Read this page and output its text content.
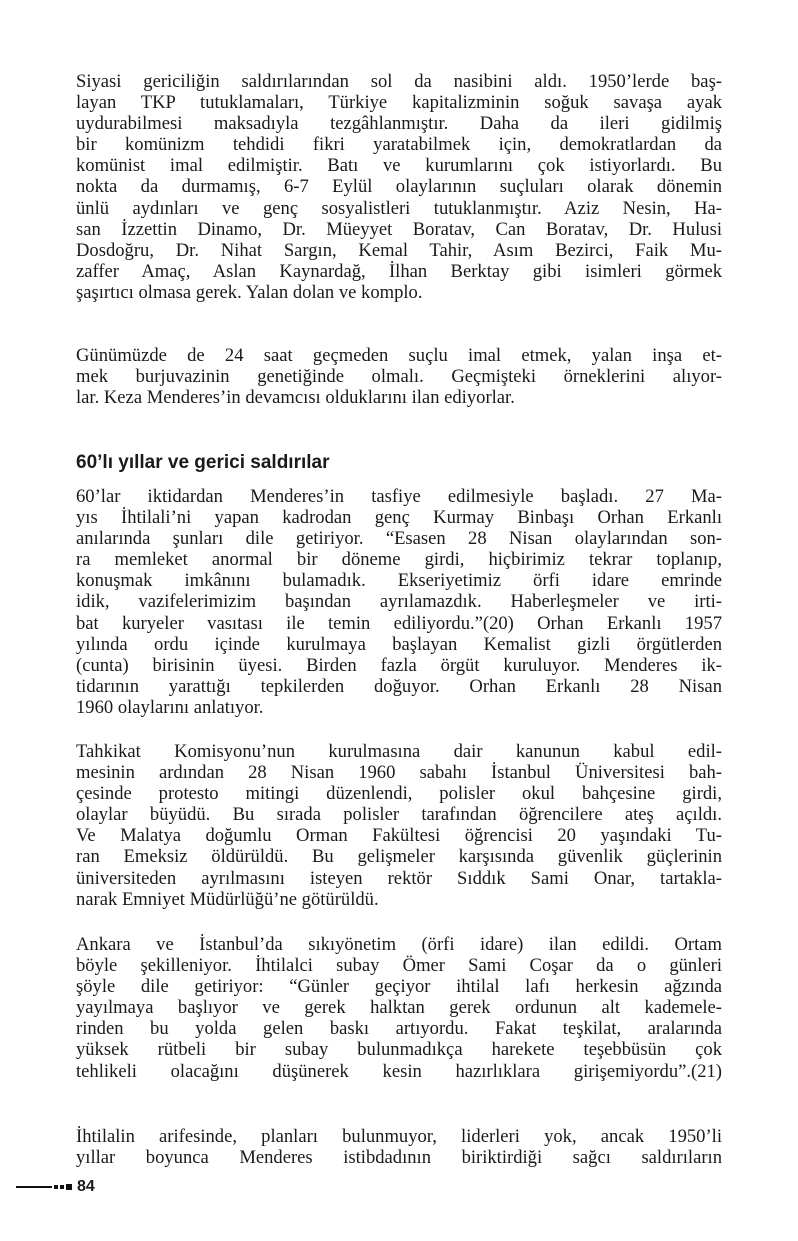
60’lı yıllar ve gerici saldırılar
84
Siyasi gericiliğin saldırılarından sol da nasibini aldı. 1950’lerde baş-
layan TKP tutuklamaları, Türkiye kapitalizminin soğuk savaşa ayak
uydurabilmesi maksadıyla tezgâhlanmıştır. Daha da ileri gidilmiş
bir komünizm tehdidi fikri yaratabilmek için, demokratlardan da
komünist imal edilmiştir. Batı ve kurumlarını çok istiyorlardı. Bu
nokta da durmamış, 6-7 Eylül olaylarının suçluları olarak dönemin
ünlü aydınları ve genç sosyalistleri tutuklanmıştır. Aziz Nesin, Ha-
san İzzettin Dinamo, Dr. Müeyyet Boratav, Can Boratav, Dr. Hulusi
Dosdoğru, Dr. Nihat Sargın, Kemal Tahir, Asım Bezirci, Faik Mu-
zaffer Amaç, Aslan Kaynardağ, İlhan Berktay gibi isimleri görmek
şaşırtıcı olmasa gerek. Yalan dolan ve komplo.
Günümüzde de 24 saat geçmeden suçlu imal etmek, yalan inşa et-
mek burjuvazinin genetiğinde olmalı. Geçmişteki örneklerini alıyor-
lar. Keza Menderes’in devamcısı olduklarını ilan ediyorlar.
60’lar iktidardan Menderes’in tasfiye edilmesiyle başladı. 27 Ma-
yıs İhtilali’ni yapan kadrodan genç Kurmay Binbaşı Orhan Erkanlı
anılarında şunları dile getiriyor. “Esasen 28 Nisan olaylarından son-
ra memleket anormal bir döneme girdi, hiçbirimiz tekrar toplanıp,
konuşmak imkânını bulamadık. Ekseriyetimiz örfi idare emrinde
idik, vazifelerimizim başından ayrılamazdık. Haberleşmeler ve irti-
bat kuryeler vasıtası ile temin ediliyordu.”(20) Orhan Erkanlı 1957
yılında ordu içinde kurulmaya başlayan Kemalist gizli örgütlerden
(cunta) birisinin üyesi. Birden fazla örgüt kuruluyor. Menderes ik-
tidarının yarattığı tepkilerden doğuyor. Orhan Erkanlı 28 Nisan
1960 olaylarını anlatıyor.
Tahkikat Komisyonu’nun kurulmasına dair kanunun kabul edil-
mesinin ardından 28 Nisan 1960 sabahı İstanbul Üniversitesi bah-
çesinde protesto mitingi düzenlendi, polisler okul bahçesine girdi,
olaylar büyüdü. Bu sırada polisler tarafından öğrencilere ateş açıldı.
Ve Malatya doğumlu Orman Fakültesi öğrencisi 20 yaşındaki Tu-
ran Emeksiz öldürüldü. Bu gelişmeler karşısında güvenlik güçlerinin
üniversiteden ayrılmasını isteyen rektör Sıddık Sami Onar, tartakla-
narak Emniyet Müdürlüğü’ne götürüldü.
Ankara ve İstanbul’da sıkıyönetim (örfi idare) ilan edildi. Ortam
böyle şekilleniyor. İhtilalci subay Ömer Sami Coşar da o günleri
şöyle dile getiriyor: “Günler geçiyor ihtilal lafı herkesin ağzında
yayılmaya başlıyor ve gerek halktan gerek ordunun alt kademele-
rinden bu yolda gelen baskı artıyordu. Fakat teşkilat, aralarında
yüksek rütbeli bir subay bulunmadıkça harekete teşebbüsün çok
tehlikeli olacağını düşünerek kesin hazırlıklara girişemiyordu”.(21)
İhtilalin arifesinde, planları bulunmuyor, liderleri yok, ancak 1950’li
yıllar boyunca Menderes istibdadının biriktirdiği sağcı saldırıların
